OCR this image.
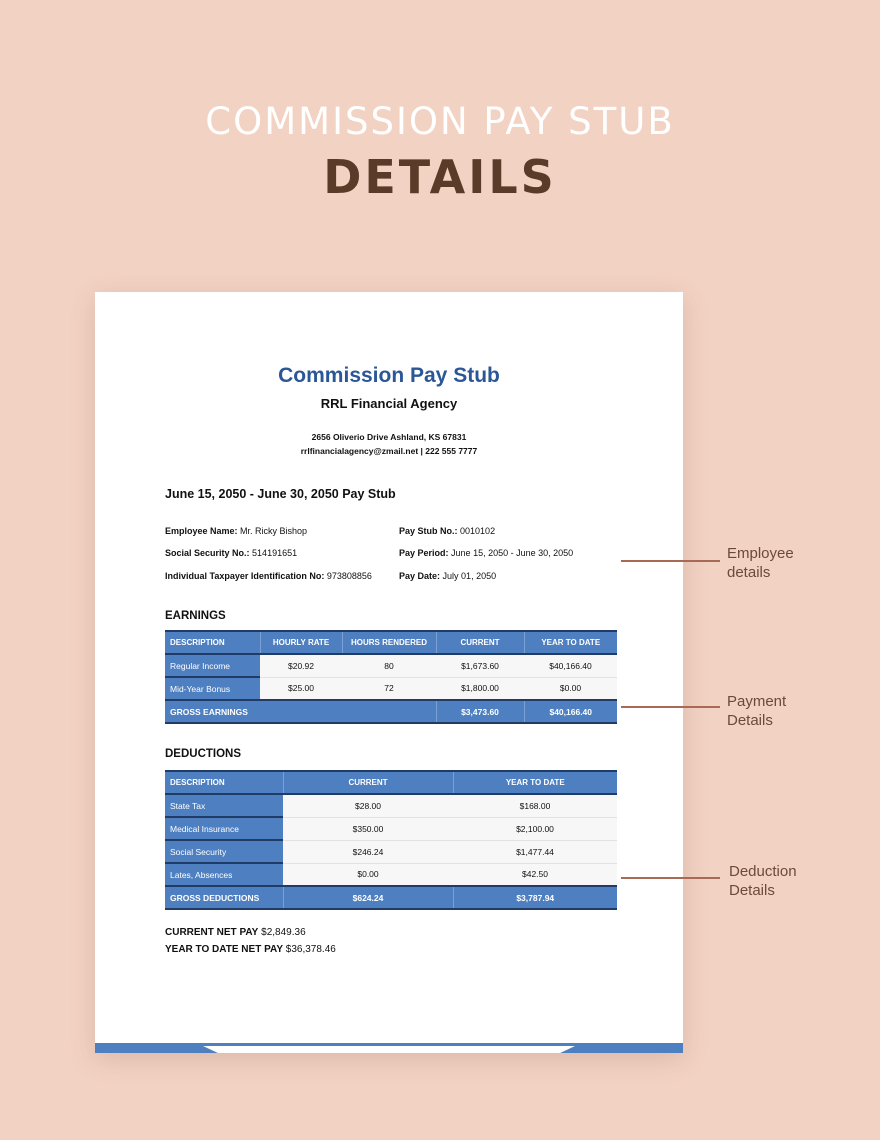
COMMISSION PAY STUB
DETAILS
Commission Pay Stub
RRL Financial Agency
2656 Oliverio Drive Ashland, KS 67831
rrlfinancialagency@zmail.net | 222 555 7777
June 15, 2050 - June 30, 2050 Pay Stub
Employee Name: Mr. Ricky Bishop
Social Security No.: 514191651
Individual Taxpayer Identification No: 973808856
Pay Stub No.: 0010102
Pay Period: June 15, 2050 - June 30, 2050
Pay Date: July 01, 2050
EARNINGS
DESCRIPTION	HOURLY RATE	HOURS RENDERED	CURRENT	YEAR TO DATE
Regular Income	$20.92	80	$1,673.60	$40,166.40
Mid-Year Bonus	$25.00	72	$1,800.00	$0.00
GROSS EARNINGS			$3,473.60	$40,166.40
DEDUCTIONS
DESCRIPTION	CURRENT	YEAR TO DATE
State Tax	$28.00	$168.00
Medical Insurance	$350.00	$2,100.00
Social Security	$246.24	$1,477.44
Lates, Absences	$0.00	$42.50
GROSS DEDUCTIONS	$624.24	$3,787.94
CURRENT NET PAY $2,849.36
YEAR TO DATE NET PAY $36,378.46
Employee
details
Payment
Details
Deduction
Details
